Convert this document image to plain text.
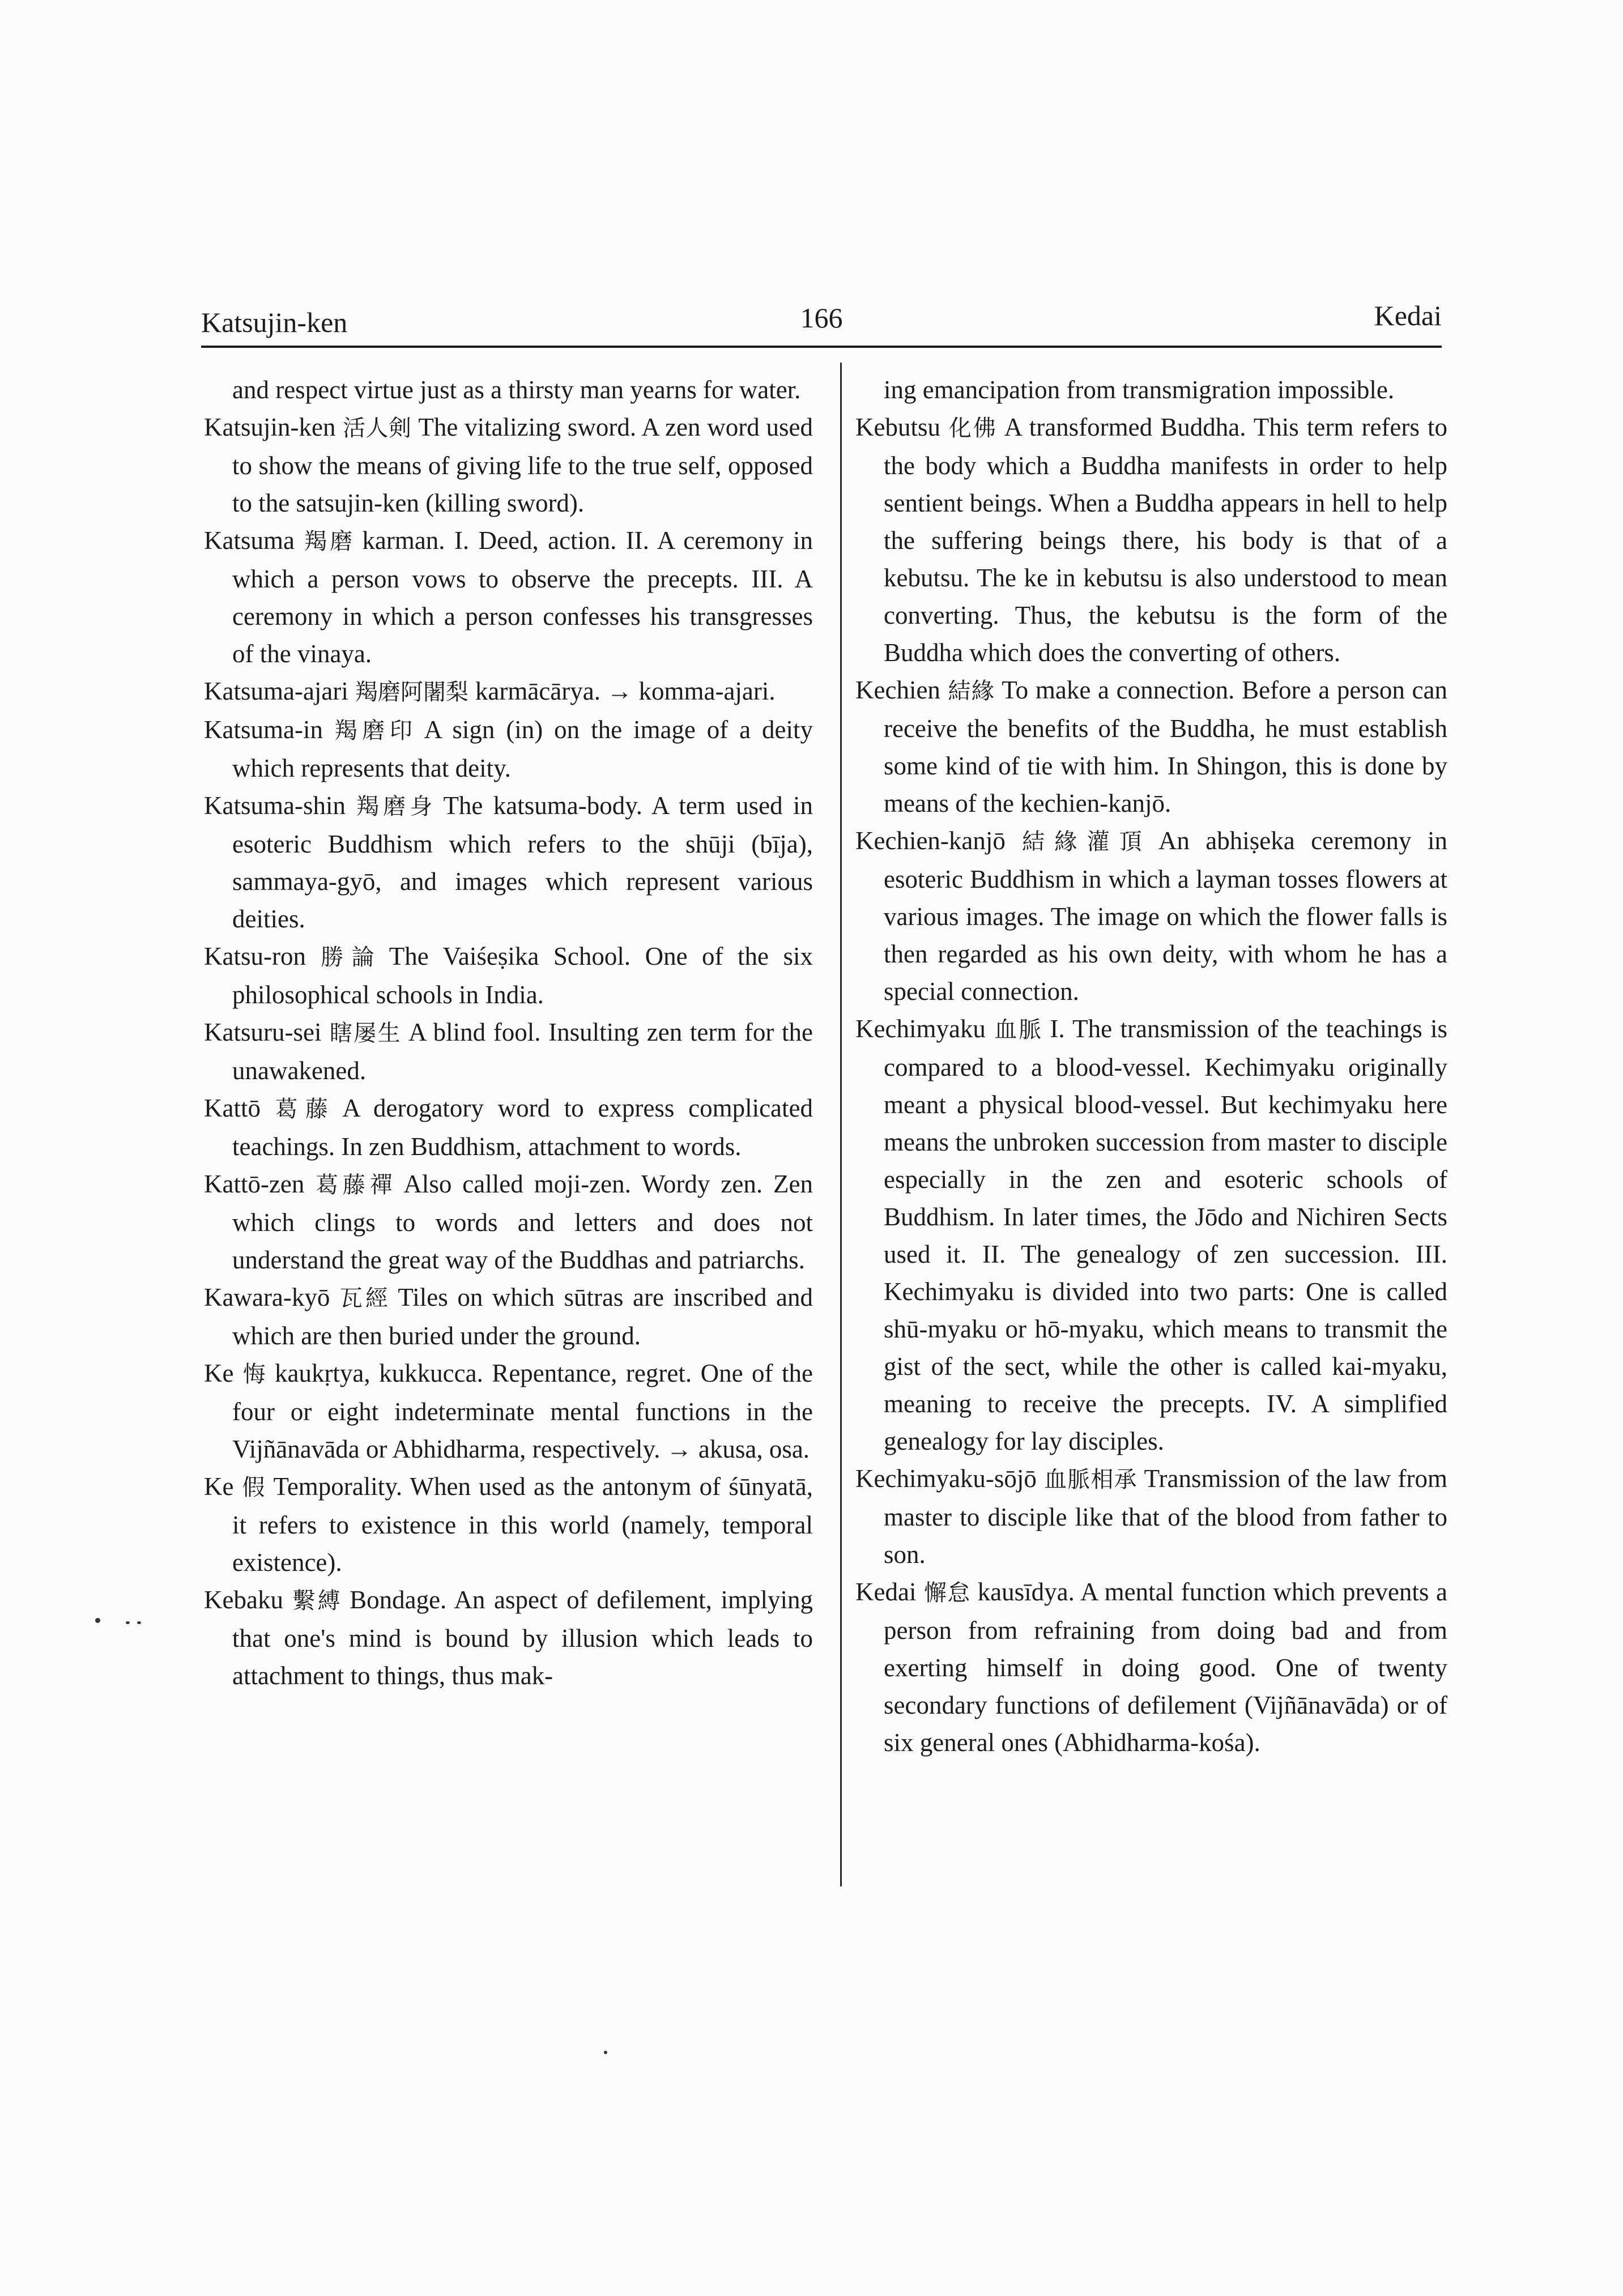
Katsujin-ken	166	Kedai

and respect virtue just as a thirsty man yearns for water.

Katsujin-ken 活人剣 The vitalizing sword. A zen word used to show the means of giving life to the true self, opposed to the satsujin-ken (killing sword).

Katsuma 羯磨 karman. I. Deed, action. II. A ceremony in which a person vows to observe the precepts. III. A ceremony in which a person confesses his transgresses of the vinaya.

Katsuma-ajari 羯磨阿闍梨 karmācārya. → komma-ajari.

Katsuma-in 羯磨印 A sign (in) on the image of a deity which represents that deity.

Katsuma-shin 羯磨身 The katsuma-body. A term used in esoteric Buddhism which refers to the shūji (bīja), sammaya-gyō, and images which represent various deities.

Katsu-ron 勝論 The Vaiśeṣika School. One of the six philosophical schools in India.

Katsuru-sei 瞎屡生 A blind fool. Insulting zen term for the unawakened.

Kattō 葛藤 A derogatory word to express complicated teachings. In zen Buddhism, attachment to words.

Kattō-zen 葛藤禪 Also called moji-zen. Wordy zen. Zen which clings to words and letters and does not understand the great way of the Buddhas and patriarchs.

Kawara-kyō 瓦經 Tiles on which sūtras are inscribed and which are then buried under the ground.

Ke 悔 kaukṛtya, kukkucca. Repentance, regret. One of the four or eight indeterminate mental functions in the Vijñānavāda or Abhidharma, respectively. → akusa, osa.

Ke 假 Temporality. When used as the antonym of śūnyatā, it refers to existence in this world (namely, temporal existence).

Kebaku 繫縛 Bondage. An aspect of defilement, implying that one's mind is bound by illusion which leads to attachment to things, thus mak-

ing emancipation from transmigration impossible.

Kebutsu 化佛 A transformed Buddha. This term refers to the body which a Buddha manifests in order to help sentient beings. When a Buddha appears in hell to help the suffering beings there, his body is that of a kebutsu. The ke in kebutsu is also understood to mean converting. Thus, the kebutsu is the form of the Buddha which does the converting of others.

Kechien 結緣 To make a connection. Before a person can receive the benefits of the Buddha, he must establish some kind of tie with him. In Shingon, this is done by means of the kechien-kanjō.

Kechien-kanjō 結緣灌頂 An abhiṣeka ceremony in esoteric Buddhism in which a layman tosses flowers at various images. The image on which the flower falls is then regarded as his own deity, with whom he has a special connection.

Kechimyaku 血脈 I. The transmission of the teachings is compared to a blood-vessel. Kechimyaku originally meant a physical blood-vessel. But kechimyaku here means the unbroken succession from master to disciple especially in the zen and esoteric schools of Buddhism. In later times, the Jōdo and Nichiren Sects used it. II. The genealogy of zen succession. III. Kechimyaku is divided into two parts: One is called shū-myaku or hō-myaku, which means to transmit the gist of the sect, while the other is called kai-myaku, meaning to receive the precepts. IV. A simplified genealogy for lay disciples.

Kechimyaku-sōjō 血脈相承 Transmission of the law from master to disciple like that of the blood from father to son.

Kedai 懈怠 kausīdya. A mental function which prevents a person from refraining from doing bad and from exerting himself in doing good. One of twenty secondary functions of defilement (Vijñānavāda) or of six general ones (Abhidharma-kośa).
